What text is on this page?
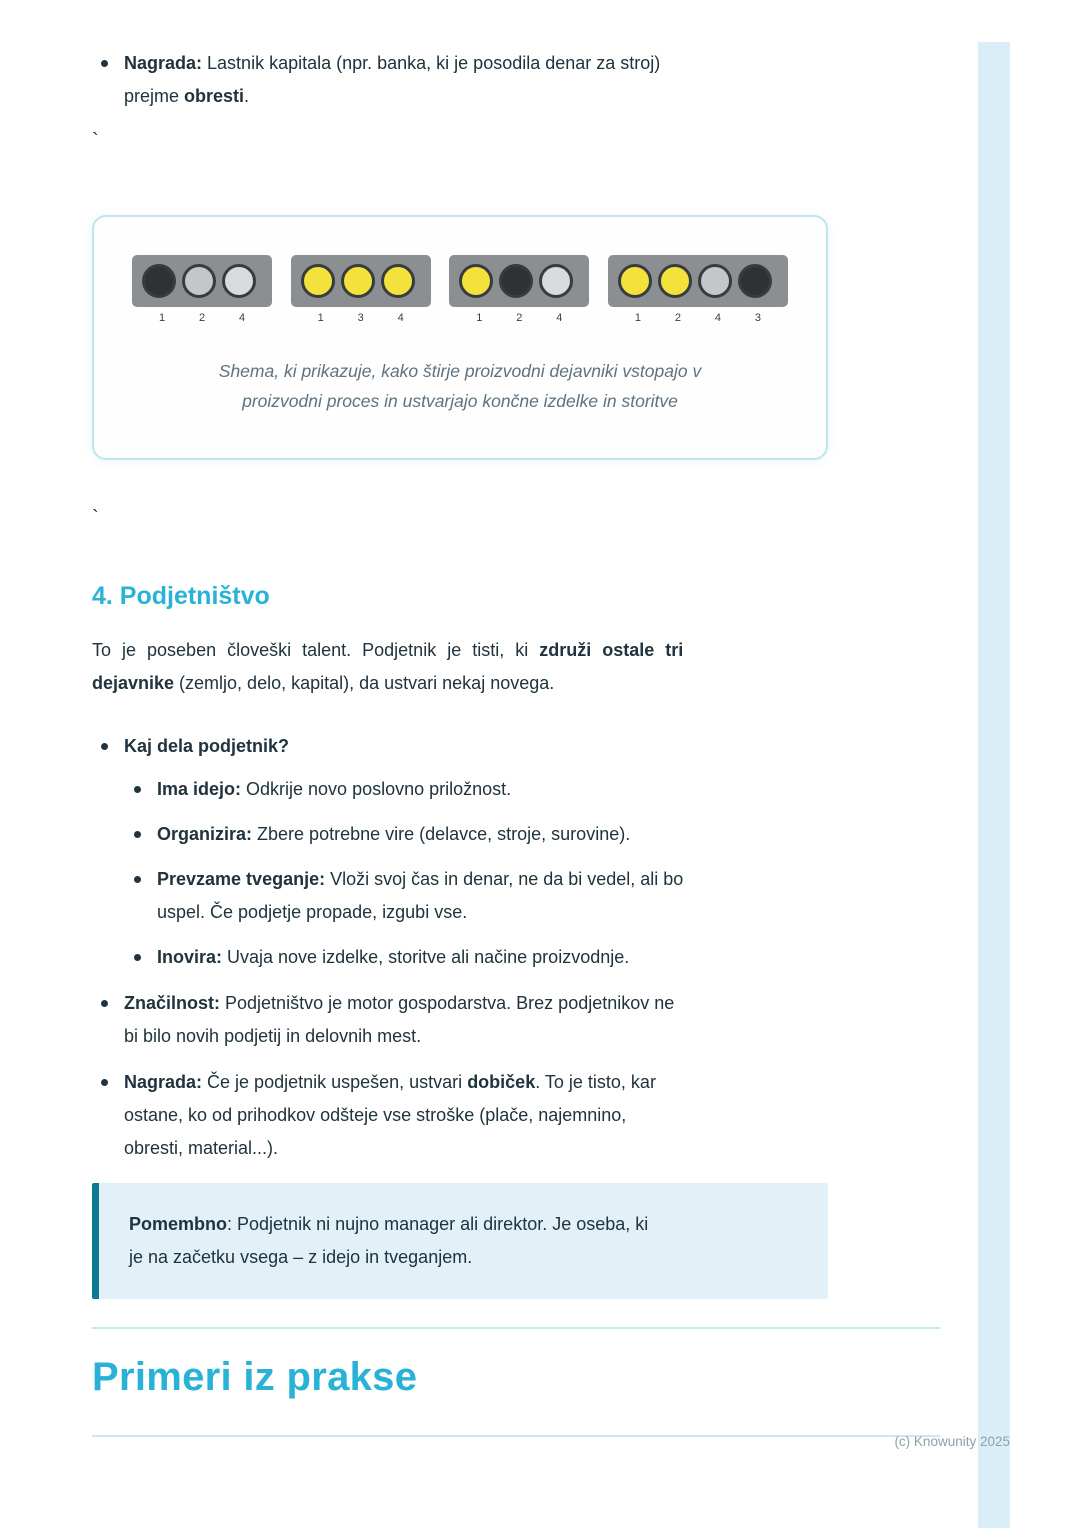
Nagrada: Lastnik kapitala (npr. banka, ki je posodila denar za stroj)
prejme obresti.
`
1	2	4	1	3	4	1	2	4	1	2	4	3
Shema, ki prikazuje, kako štirje proizvodni dejavniki vstopajo v
proizvodni proces in ustvarjajo končne izdelke in storitve
`
4. Podjetništvo

To je poseben človeški talent. Podjetnik je tisti, ki združi ostale tri
dejavnike (zemljo, delo, kapital), da ustvari nekaj novega.

Kaj dela podjetnik?
Ima idejo: Odkrije novo poslovno priložnost.
Organizira: Zbere potrebne vire (delavce, stroje, surovine).
Prevzame tveganje: Vloži svoj čas in denar, ne da bi vedel, ali bo
uspel. Če podjetje propade, izgubi vse.
Inovira: Uvaja nove izdelke, storitve ali načine proizvodnje.
Značilnost: Podjetništvo je motor gospodarstva. Brez podjetnikov ne
bi bilo novih podjetij in delovnih mest.
Nagrada: Če je podjetnik uspešen, ustvari dobiček. To je tisto, kar
ostane, ko od prihodkov odšteje vse stroške (plače, najemnino,
obresti, material...).
Pomembno: Podjetnik ni nujno manager ali direktor. Je oseba, ki
je na začetku vsega – z idejo in tveganjem.
Primeri iz prakse
(c) Knowunity 2025
